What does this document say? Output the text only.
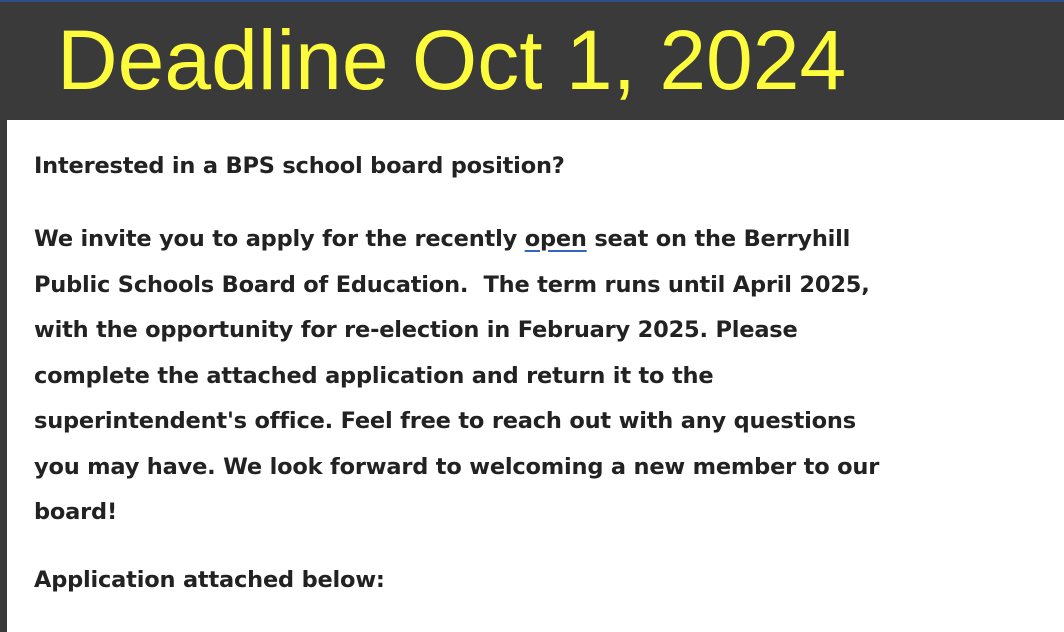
Deadline Oct 1, 2024

Interested in a BPS school board position?

We invite you to apply for the recently open seat on the Berryhill
Public Schools Board of Education.  The term runs until April 2025,
with the opportunity for re-election in February 2025. Please
complete the attached application and return it to the
superintendent's office. Feel free to reach out with any questions
you may have. We look forward to welcoming a new member to our
board!

Application attached below:
